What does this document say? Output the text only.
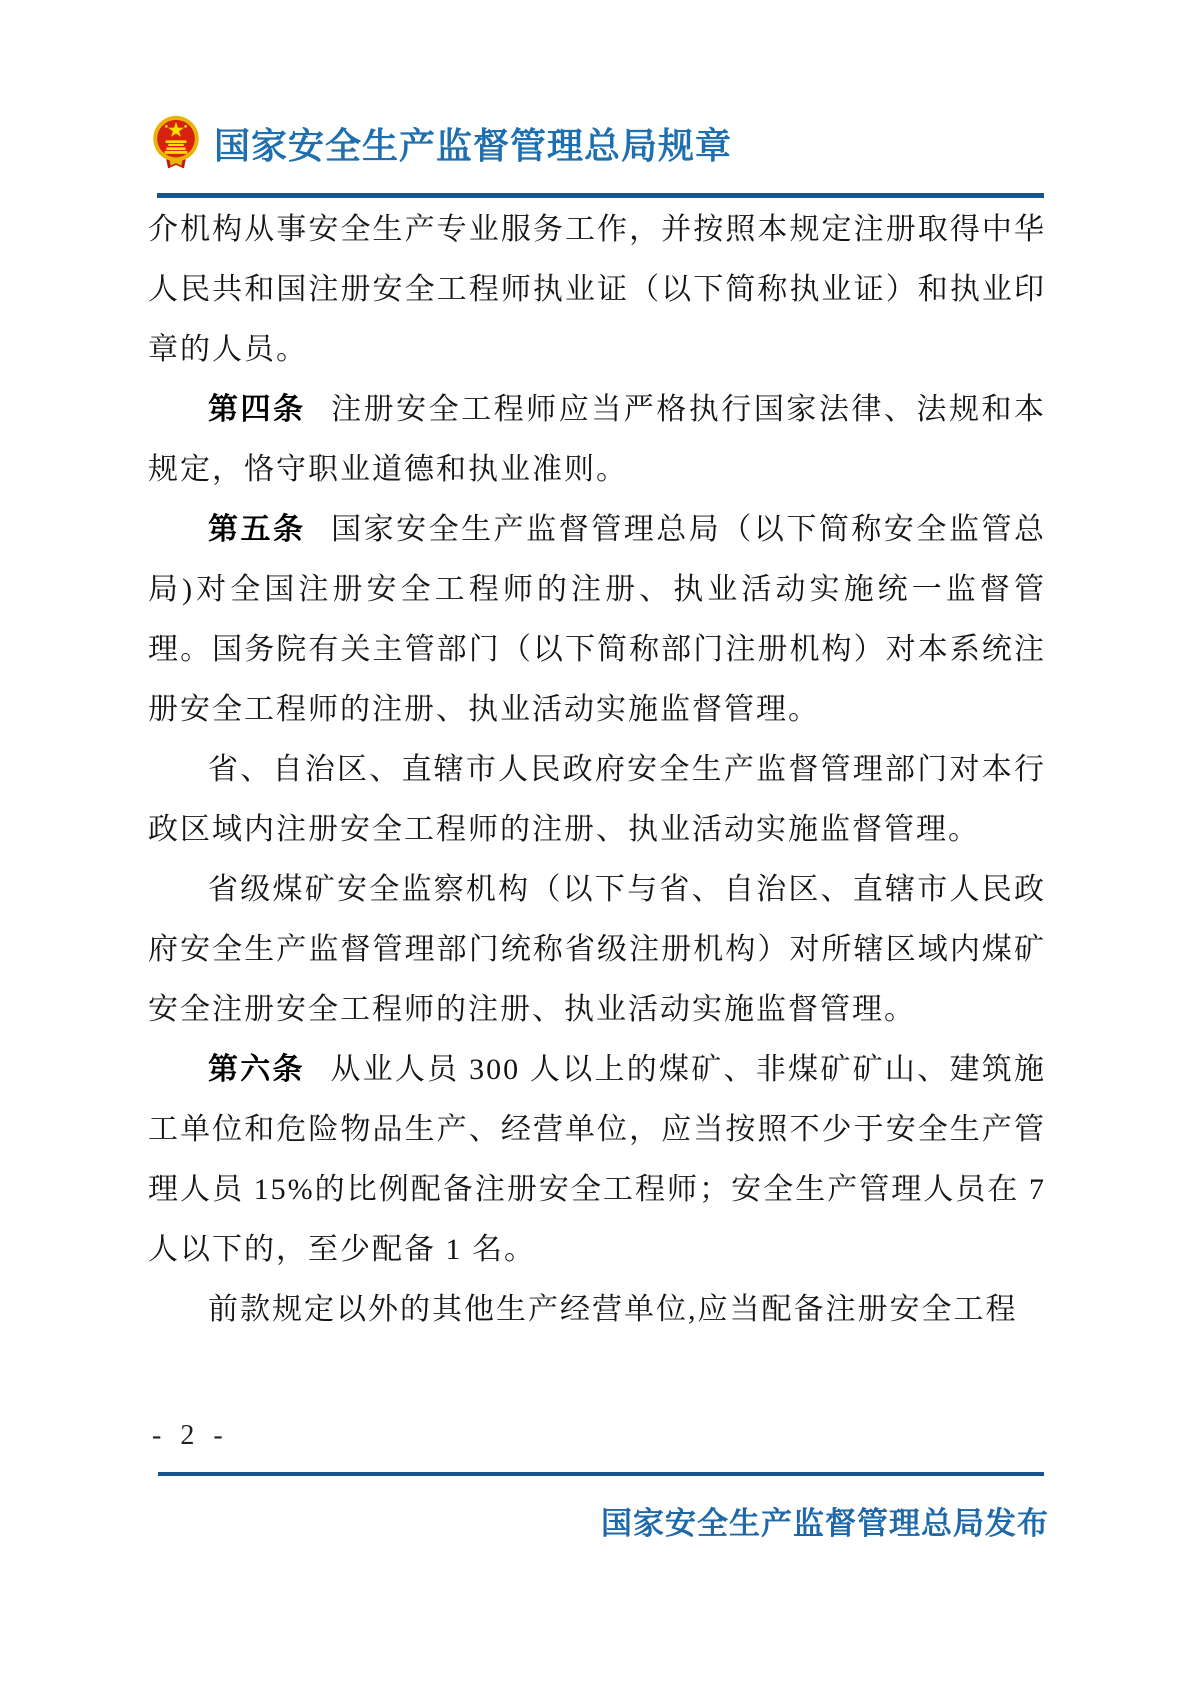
国家安全生产监督管理总局规章

介机构从事安全生产专业服务工作，并按照本规定注册取得中华人民共和国注册安全工程师执业证（以下简称执业证）和执业印章的人员。

第四条 注册安全工程师应当严格执行国家法律、法规和本规定，恪守职业道德和执业准则。

第五条 国家安全生产监督管理总局（以下简称安全监管总局)对全国注册安全工程师的注册、执业活动实施统一监督管理。国务院有关主管部门（以下简称部门注册机构）对本系统注册安全工程师的注册、执业活动实施监督管理。

省、自治区、直辖市人民政府安全生产监督管理部门对本行政区域内注册安全工程师的注册、执业活动实施监督管理。

省级煤矿安全监察机构（以下与省、自治区、直辖市人民政府安全生产监督管理部门统称省级注册机构）对所辖区域内煤矿安全注册安全工程师的注册、执业活动实施监督管理。

第六条 从业人员 300 人以上的煤矿、非煤矿矿山、建筑施工单位和危险物品生产、经营单位，应当按照不少于安全生产管理人员 15%的比例配备注册安全工程师；安全生产管理人员在 7 人以下的，至少配备 1 名。

前款规定以外的其他生产经营单位,应当配备注册安全工程

- 2 -
国家安全生产监督管理总局发布
